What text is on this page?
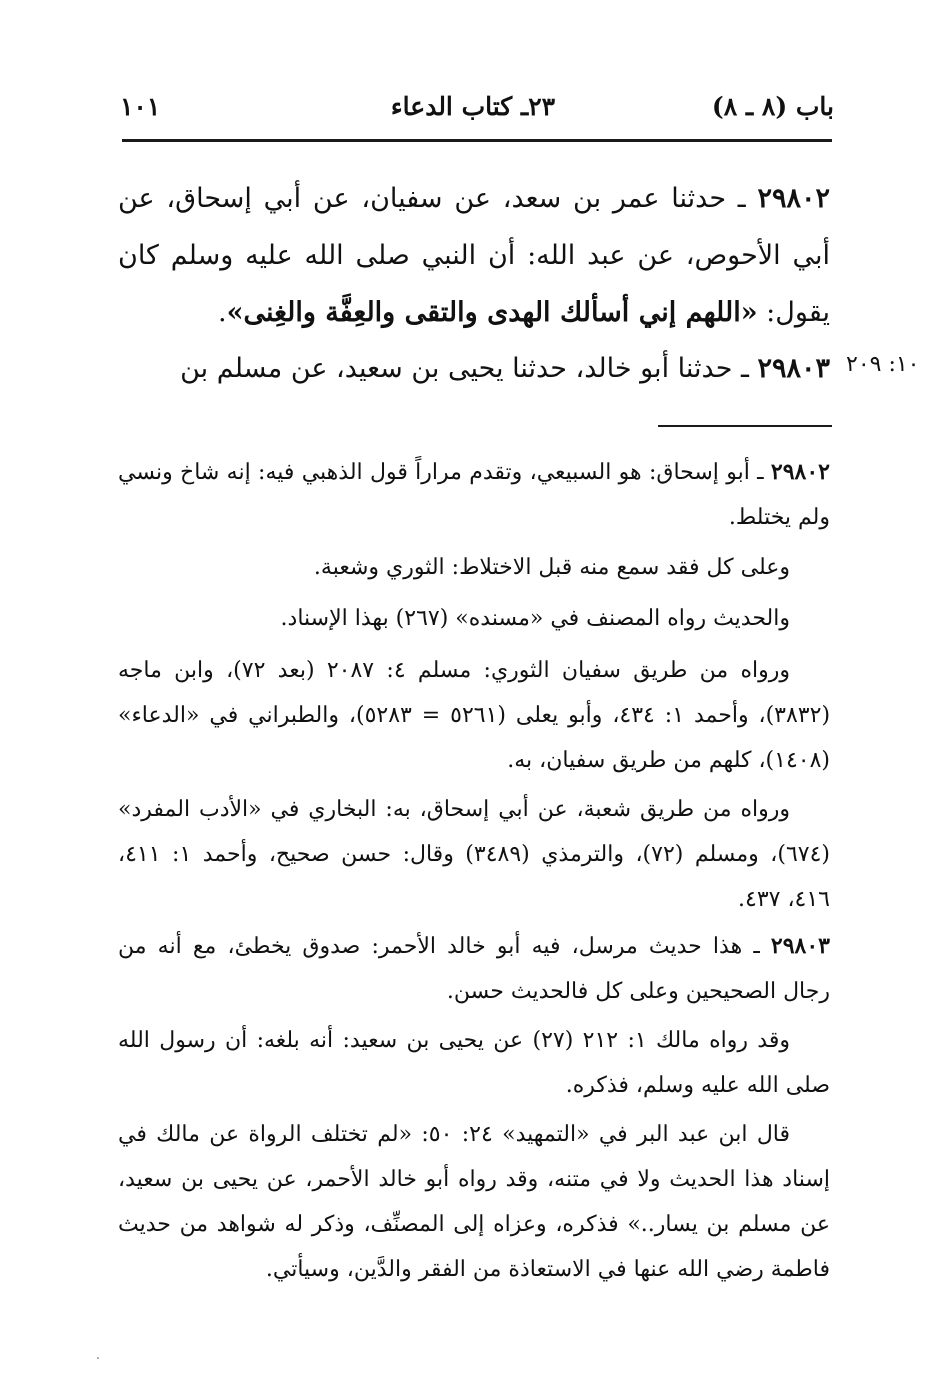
باب (٨ ـ ٨)
٢٣ـ كتاب الدعاء
١٠١
٢٩٨٠٢ ـ حدثنا عمر بن سعد، عن سفيان، عن أبي إسحاق، عن أبي الأحوص، عن عبد الله: أن النبي صلى الله عليه وسلم كان يقول: «اللهم إني أسألك الهدى والتقى والعِفَّة والغِنى».
٢٩٨٠٣ ـ حدثنا أبو خالد، حدثنا يحيى بن سعيد، عن مسلم بن	١٠: ٢٠٩
٢٩٨٠٢ ـ أبو إسحاق: هو السبيعي، وتقدم مراراً قول الذهبي فيه: إنه شاخ ونسي ولم يختلط.
وعلى كل فقد سمع منه قبل الاختلاط: الثوري وشعبة.
والحديث رواه المصنف في «مسنده» (٢٦٧) بهذا الإسناد.
ورواه من طريق سفيان الثوري: مسلم ٤: ٢٠٨٧ (بعد ٧٢)، وابن ماجه (٣٨٣٢)، وأحمد ١: ٤٣٤، وأبو يعلى (٥٢٦١ = ٥٢٨٣)، والطبراني في «الدعاء» (١٤٠٨)، كلهم من طريق سفيان، به.
ورواه من طريق شعبة، عن أبي إسحاق، به: البخاري في «الأدب المفرد» (٦٧٤)، ومسلم (٧٢)، والترمذي (٣٤٨٩) وقال: حسن صحيح، وأحمد ١: ٤١١، ٤١٦، ٤٣٧.
٢٩٨٠٣ ـ هذا حديث مرسل، فيه أبو خالد الأحمر: صدوق يخطئ، مع أنه من رجال الصحيحين وعلى كل فالحديث حسن.
وقد رواه مالك ١: ٢١٢ (٢٧) عن يحيى بن سعيد: أنه بلغه: أن رسول الله صلى الله عليه وسلم، فذكره.
قال ابن عبد البر في «التمهيد» ٢٤: ٥٠: «لم تختلف الرواة عن مالك في إسناد هذا الحديث ولا في متنه، وقد رواه أبو خالد الأحمر، عن يحيى بن سعيد، عن مسلم بن يسار..» فذكره، وعزاه إلى المصنِّف، وذكر له شواهد من حديث فاطمة رضي الله عنها في الاستعاذة من الفقر والدَّين، وسيأتي.
